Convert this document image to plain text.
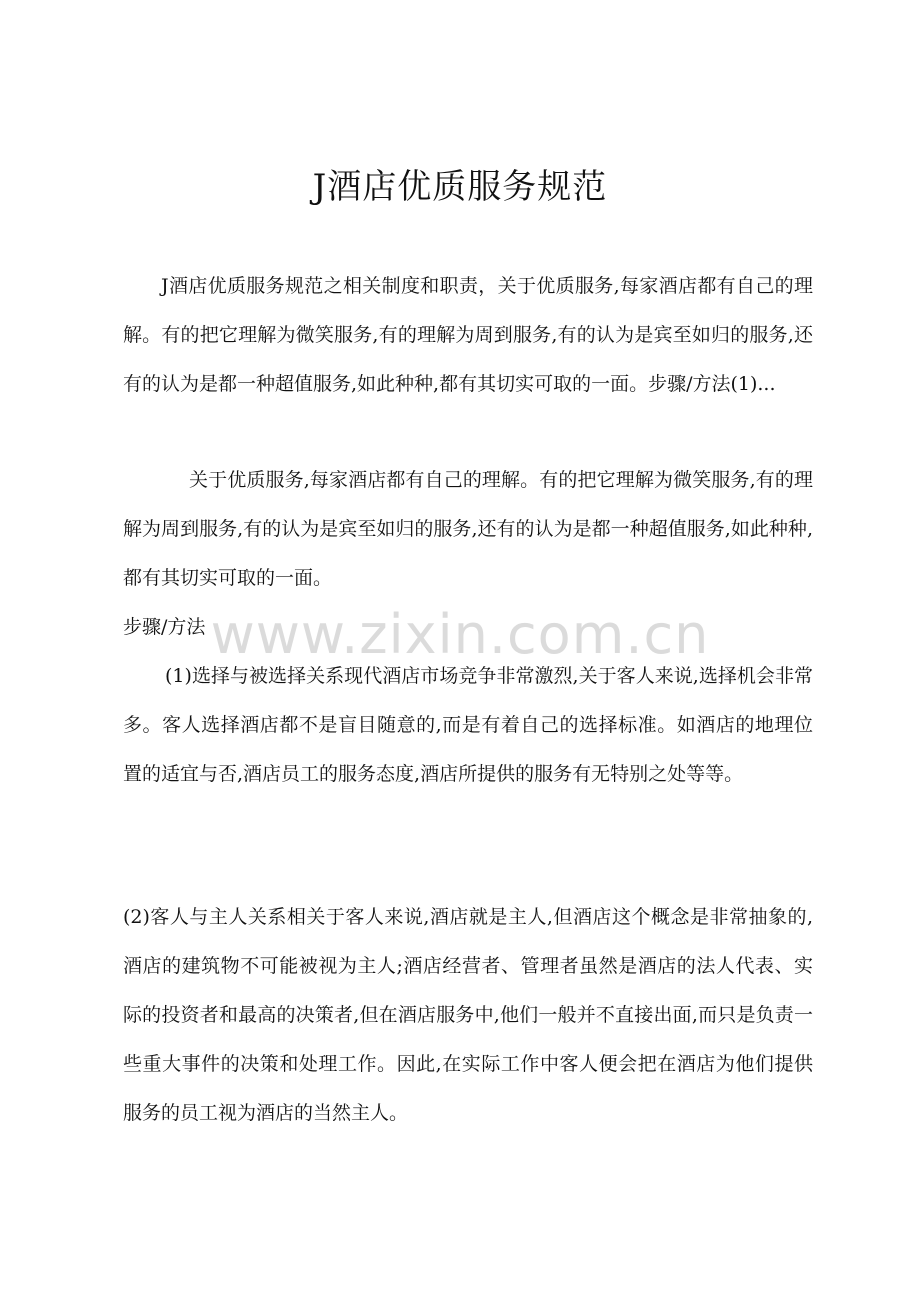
J酒店优质服务规范

J酒店优质服务规范之相关制度和职责，关于优质服务,每家酒店都有自己的理解。有的把它理解为微笑服务,有的理解为周到服务,有的认为是宾至如归的服务,还有的认为是都一种超值服务,如此种种,都有其切实可取的一面。步骤/方法(1)...

关于优质服务,每家酒店都有自己的理解。有的把它理解为微笑服务,有的理解为周到服务,有的认为是宾至如归的服务,还有的认为是都一种超值服务,如此种种,都有其切实可取的一面。

步骤/方法

(1)选择与被选择关系现代酒店市场竞争非常激烈,关于客人来说,选择机会非常多。客人选择酒店都不是盲目随意的,而是有着自己的选择标准。如酒店的地理位置的适宜与否,酒店员工的服务态度,酒店所提供的服务有无特别之处等等。

(2)客人与主人关系相关于客人来说,酒店就是主人,但酒店这个概念是非常抽象的,酒店的建筑物不可能被视为主人;酒店经营者、管理者虽然是酒店的法人代表、实际的投资者和最高的决策者,但在酒店服务中,他们一般并不直接出面,而只是负责一些重大事件的决策和处理工作。因此,在实际工作中客人便会把在酒店为他们提供服务的员工视为酒店的当然主人。

www.zixin.com.cn
